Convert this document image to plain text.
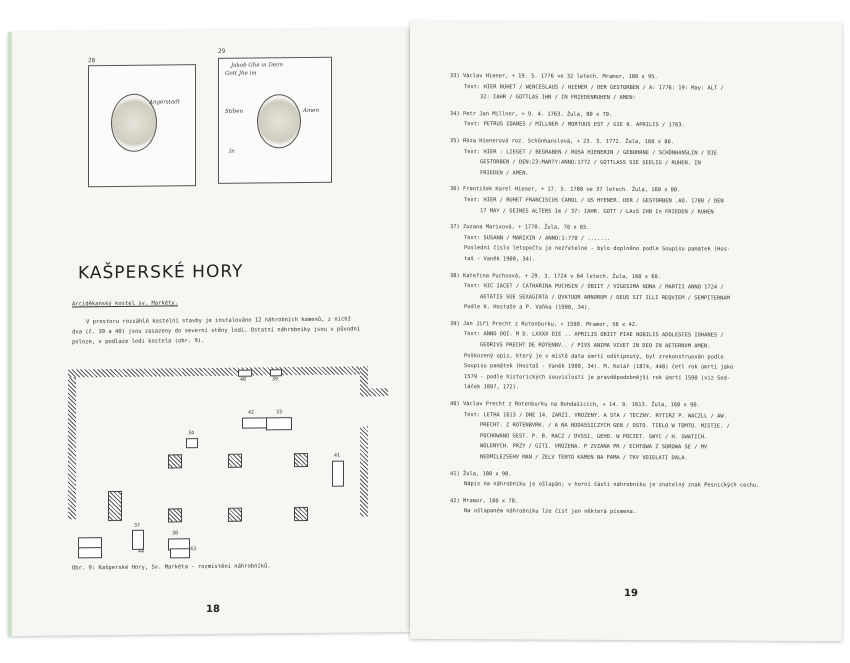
28
Angerstadt
29
Jakob Ghe in Deim
Gott Jhe im
Stiben	Amen
In
KAŠPERSKÉ HORY
Arciděkanský kostel sv. Markéty.
V prostoru rozsáhlé kostelní stavby je instalováno 12 náhrobních kamenů, z nichž
dva (č. 39 a 40) jsou zasazeny do severní stěny lodi. Ostatní náhrobníky jsou v původní
poloze, v podlaze lodi kostela (obr. 9).
40	39
42	33
34
41
37
44
38
43
Obr. 9: Kašperské Hory, Sv. Markéta - rozmístění náhrobníků.
18
33) Václav Hiener, + 19. 5. 1776 ve 32 letech. Mramor, 180 x 95.
Text: HIER RUHET / WENCESLAUS / HIENER / DER GESTORBEN / A: 1776: 19: May: ALT /
32: IAHR / GOTTLAS IHN / IN FRIEDENRUHEN / AMEN:
34) Petr Jan Millner, + 9. 4. 1763. Žula, 80 x 70.
Text: PETRUS IOANES / MILLNER / MORTUUS EST / GIE 9. APRILIS / 1763.
35) Róza Hienerová roz. Schönhanslová, + 23. 3. 1772. Žula, 160 x 80.
Text: HIER : LIEGET / BEGRABEN / ROSA HIENERIN / GEBOHRNE / SCHÖNHANSLIN / DIE
GESTORBEN / DEN:23:MARTY:ANNO:1772 / GOTTLASS SIE SEELIG / RUHEN. IN
FRIEDEN / AMEN.
36) František Karel Hiener, + 17. 5. 1780 ve 37 letech. Žula, 160 x 80.
Text: HIER / RUHET FRANCISCUS CAROL / US HYENER. DER / GESTORBEN .AO. 1780 / DEN
17 MAY / SEINES ALTERS Im / 37: IAHR. GOTT / LAsS IHN In FRIEDEN / RUHEN
37) Zuzana Marixová, + 1770. Žula, 70 x 65.
Text: SUSANN / MARIXIN / ANNO:1:770 / .......
Poslední číslo letopočtu je nezřetelné - bylo doplněno podle Soupisu památek (Hos-
taš - Vaněk 1900, 34).
38) Kateřina Puchsová, + 29. 3. 1724 v 64 letech. Žula, 160 x 60.
Text: HIC IACET / CATHARINA PUCHSIN / OBIIT / VIGESIMA NONA / MARTII ANNO 1724 /
AETATIS SUE SEXAGINTA / QVATUOR ANNORUM / DEUS SIT ILLI REQVIEM / SEMPITERNAM
Podle K. Hostaše a P. Vaňka (1900, 34).
39) Jan Jiří Precht z Rotenburku, + 1590. Mramor, 56 x 42.
Text: ANNO DOI. M D. LXXXX DIE .. APRILIS OBIIT PIAE NOBILIS ADOLESCES IOHANES /
GEORIVS PRECHT DE ROTENBV.. / PIVS ANIMA VIVET IN DEO IN AETERNVM AMEN.
Poškozený opis, který je v místě data úmrtí odštípnutý, byl zrekonstruován podle
Soupisu památek (Hostaš - Vaněk 1900, 34). M. Kolář (1874, 448) četl rok úmrtí jako
1579 - podle historických souvislostí je pravděpodobnější rok úmrtí 1590 (viz Sed-
láček 1897, 172).
40) Václav Precht z Rotenburku na Bohdašicích, + 14. 9. 1613. Žula, 160 x 90.
Text: LETHA 1613 / DNE 14. ZARZI. VROZENY. A STA / TECZNY. RYTIRZ P. WACZLL / AW.
PRECHT. Z ROTENBVRK. / A NA BODASSICZYCH GEN / OSTO. TIELO W TOMTO. MISTIE. /
POCHOWANO GEST. P. B. RACZ / DVSSI. GEHO. W POCZET. SWYC / H. SWATICH.
WOLENYCH. PRZY / GITI. VROZENA. P ZVZANA PR / ECHTOWA Z SOROWA SE / MV
NEDMILEZSEHV MAN / ZELV TENTO KAMEN NA PAMA / TKV VDIELATI DALA.
41) Žula, 180 x 90.
Nápis na náhrobníku je ošlapán; v horní části náhrobníku je znatelný znak Pesnických cechu.
42) Mramor, 160 x 70.
Na ošlapaném náhrobníku lze číst jen některá písmena.
19
